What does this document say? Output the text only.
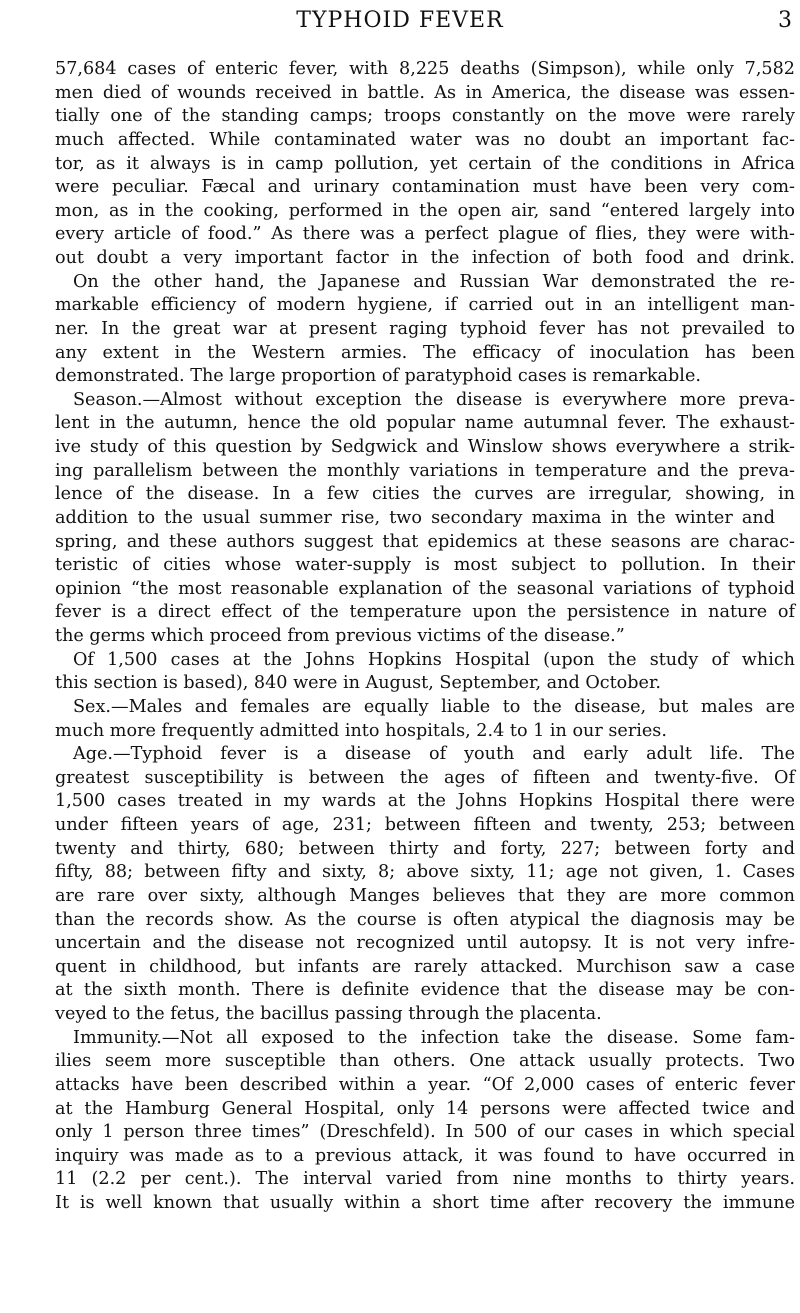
TYPHOID FEVER	3
57,684 cases of enteric fever, with 8,225 deaths (Simpson), while only 7,582
men died of wounds received in battle. As in America, the disease was essen-
tially one of the standing camps; troops constantly on the move were rarely
much affected. While contaminated water was no doubt an important fac-
tor, as it always is in camp pollution, yet certain of the conditions in Africa
were peculiar. Fæcal and urinary contamination must have been very com-
mon, as in the cooking, performed in the open air, sand “entered largely into
every article of food.” As there was a perfect plague of flies, they were with-
out doubt a very important factor in the infection of both food and drink.
On the other hand, the Japanese and Russian War demonstrated the re-
markable efficiency of modern hygiene, if carried out in an intelligent man-
ner. In the great war at present raging typhoid fever has not prevailed to
any extent in the Western armies. The efficacy of inoculation has been
demonstrated. The large proportion of paratyphoid cases is remarkable.
Season.—Almost without exception the disease is everywhere more preva-
lent in the autumn, hence the old popular name autumnal fever. The exhaust-
ive study of this question by Sedgwick and Winslow shows everywhere a strik-
ing parallelism between the monthly variations in temperature and the preva-
lence of the disease. In a few cities the curves are irregular, showing, in
addition to the usual summer rise, two secondary maxima in the winter and
spring, and these authors suggest that epidemics at these seasons are charac-
teristic of cities whose water-supply is most subject to pollution. In their
opinion “the most reasonable explanation of the seasonal variations of typhoid
fever is a direct effect of the temperature upon the persistence in nature of
the germs which proceed from previous victims of the disease.”
Of 1,500 cases at the Johns Hopkins Hospital (upon the study of which
this section is based), 840 were in August, September, and October.
Sex.—Males and females are equally liable to the disease, but males are
much more frequently admitted into hospitals, 2.4 to 1 in our series.
Age.—Typhoid fever is a disease of youth and early adult life. The
greatest susceptibility is between the ages of fifteen and twenty-five. Of
1,500 cases treated in my wards at the Johns Hopkins Hospital there were
under fifteen years of age, 231; between fifteen and twenty, 253; between
twenty and thirty, 680; between thirty and forty, 227; between forty and
fifty, 88; between fifty and sixty, 8; above sixty, 11; age not given, 1. Cases
are rare over sixty, although Manges believes that they are more common
than the records show. As the course is often atypical the diagnosis may be
uncertain and the disease not recognized until autopsy. It is not very infre-
quent in childhood, but infants are rarely attacked. Murchison saw a case
at the sixth month. There is definite evidence that the disease may be con-
veyed to the fetus, the bacillus passing through the placenta.
Immunity.—Not all exposed to the infection take the disease. Some fam-
ilies seem more susceptible than others. One attack usually protects. Two
attacks have been described within a year. “Of 2,000 cases of enteric fever
at the Hamburg General Hospital, only 14 persons were affected twice and
only 1 person three times” (Dreschfeld). In 500 of our cases in which special
inquiry was made as to a previous attack, it was found to have occurred in
11 (2.2 per cent.). The interval varied from nine months to thirty years.
It is well known that usually within a short time after recovery the immune
